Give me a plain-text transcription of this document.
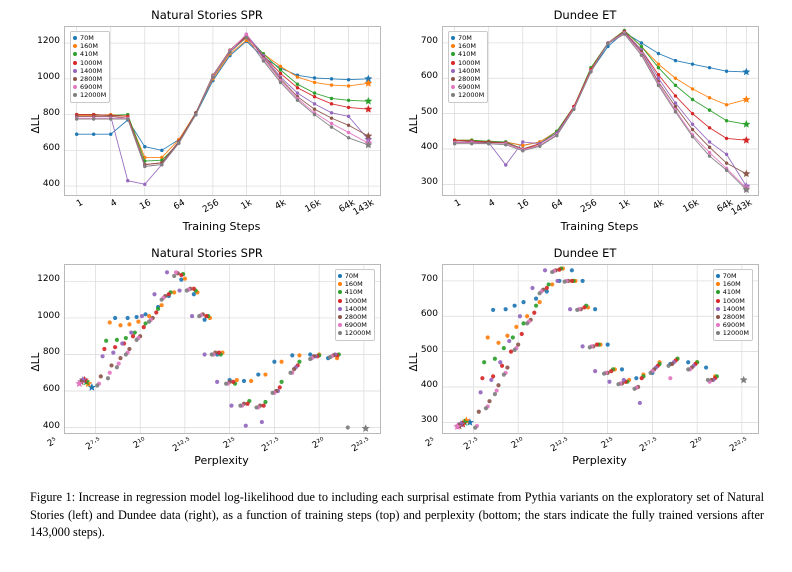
Natural Stories SPR
ΔLL
Training Steps
400
600
800
1000
1200
1	4	16	64	256	1k	4k	16k	64k
143k
70M
160M
410M
1000M
1400M
2800M
6900M
12000M
Dundee ET
ΔLL
Training Steps
300
400
500
600
700
1	4	16	64	256	1k	4k	16k	64k
143k
70M
160M
410M
1000M
1400M
2800M
6900M
12000M
Natural Stories SPR
ΔLL
Perplexity
400
600
800
1000
1200
2⁵	2⁷·⁵	2¹⁰	2¹²·⁵	2¹⁵	2¹⁷·⁵	2²⁰	2²²·⁵
70M
160M
410M
1000M
1400M
2800M
6900M
12000M
Dundee ET
ΔLL
Perplexity
300
400
500
600
700
2⁵	2⁷·⁵	2¹⁰	2¹²·⁵	2¹⁵	2¹⁷·⁵	2²⁰	2²²·⁵
70M
160M
410M
1000M
1400M
2800M
6900M
12000M
Figure 1: Increase in regression model log-likelihood due to including each surprisal estimate from Pythia variants on the exploratory set of Natural Stories (left) and Dundee data (right), as a function of training steps (top) and perplexity (bottom; the stars indicate the fully trained versions after 143,000 steps).
